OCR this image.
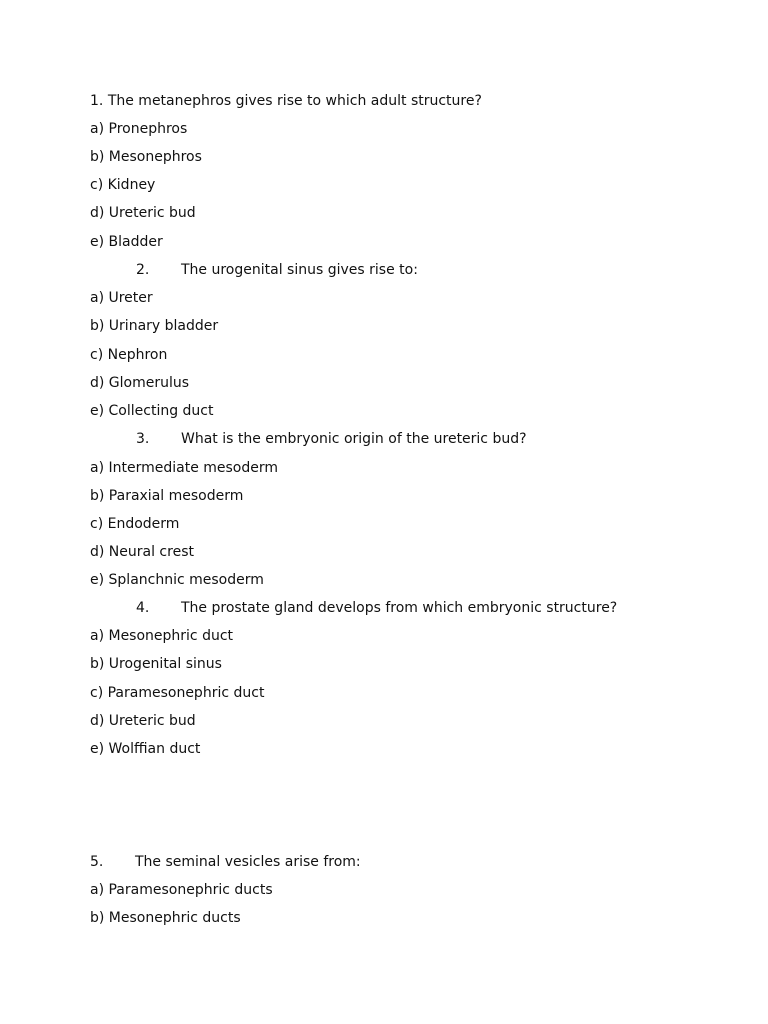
1. The metanephros gives rise to which adult structure?
a) Pronephros
b) Mesonephros
c) Kidney
d) Ureteric bud
e) Bladder
2. The urogenital sinus gives rise to:
a) Ureter
b) Urinary bladder
c) Nephron
d) Glomerulus
e) Collecting duct
3. What is the embryonic origin of the ureteric bud?
a) Intermediate mesoderm
b) Paraxial mesoderm
c) Endoderm
d) Neural crest
e) Splanchnic mesoderm
4. The prostate gland develops from which embryonic structure?
a) Mesonephric duct
b) Urogenital sinus
c) Paramesonephric duct
d) Ureteric bud
e) Wolffian duct
5. The seminal vesicles arise from:
a) Paramesonephric ducts
b) Mesonephric ducts
